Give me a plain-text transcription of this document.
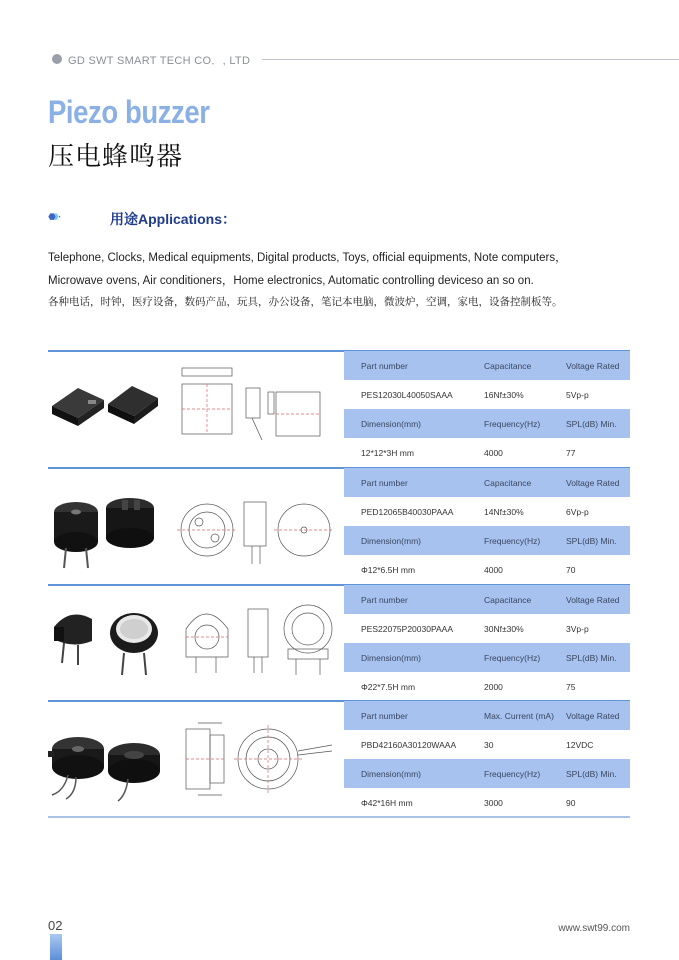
GD SWT SMART TECH CO．, LTD
Piezo buzzer
压电蜂鸣器
用途Applications：
Telephone, Clocks, Medical equipments, Digital products, Toys, official equipments, Note computers，
Microwave ovens, Air conditioners，Home electronics, Automatic controlling deviceso an so on.
各种电话，时钟，医疗设备，数码产品，玩具，办公设备，笔记本电脑，微波炉，空调，家电，设备控制板等。
Part number	Capacitance	Voltage Rated
PES12030L40050SAAA	16Nf±30%	5Vp-p
Dimension(mm)	Frequency(Hz)	SPL(dB) Min.
12*12*3H mm	4000	77
Part number	Capacitance	Voltage Rated
PED12065B40030PAAA	14Nf±30%	6Vp-p
Dimension(mm)	Frequency(Hz)	SPL(dB) Min.
Φ12*6.5H mm	4000	70
Part number	Capacitance	Voltage Rated
PES22075P20030PAAA	30Nf±30%	3Vp-p
Dimension(mm)	Frequency(Hz)	SPL(dB) Min.
Φ22*7.5H mm	2000	75
Part number	Max. Current (mA)	Voltage Rated
PBD42160A30120WAAA	30	12VDC
Dimension(mm)	Frequency(Hz)	SPL(dB) Min.
Φ42*16H mm	3000	90
02	www.swt99.com
